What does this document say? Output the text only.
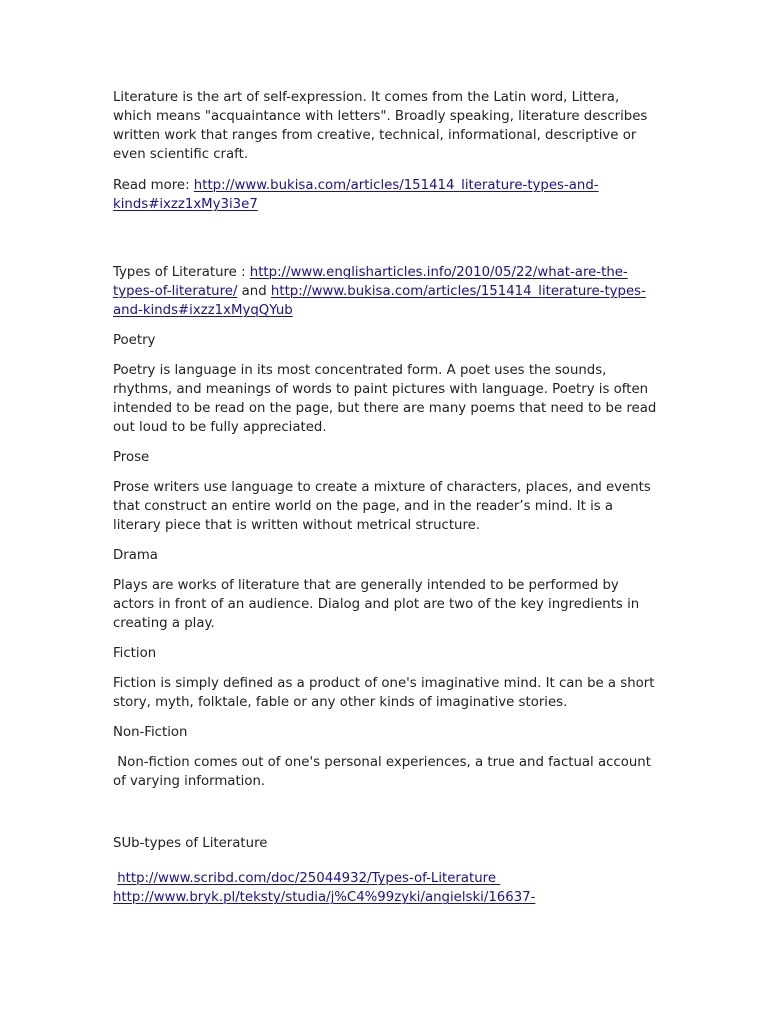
Literature is the art of self-expression. It comes from the Latin word, Littera, which means "acquaintance with letters". Broadly speaking, literature describes written work that ranges from creative, technical, informational, descriptive or even scientific craft.

Read more: http://www.bukisa.com/articles/151414_literature-types-and-kinds#ixzz1xMy3i3e7

Types of Literature : http://www.englisharticles.info/2010/05/22/what-are-the-types-of-literature/ and http://www.bukisa.com/articles/151414_literature-types-and-kinds#ixzz1xMyqQYub

Poetry

Poetry is language in its most concentrated form. A poet uses the sounds, rhythms, and meanings of words to paint pictures with language. Poetry is often intended to be read on the page, but there are many poems that need to be read out loud to be fully appreciated.

Prose

Prose writers use language to create a mixture of characters, places, and events that construct an entire world on the page, and in the reader’s mind. It is a literary piece that is written without metrical structure.

Drama

Plays are works of literature that are generally intended to be performed by actors in front of an audience. Dialog and plot are two of the key ingredients in creating a play.

Fiction

Fiction is simply defined as a product of one's imaginative mind. It can be a short story, myth, folktale, fable or any other kinds of imaginative stories.

Non-Fiction

Non-fiction comes out of one's personal experiences, a true and factual account of varying information.

SUb-types of Literature

http://www.scribd.com/doc/25044932/Types-of-Literature
http://www.bryk.pl/teksty/studia/j%C4%99zyki/angielski/16637-
